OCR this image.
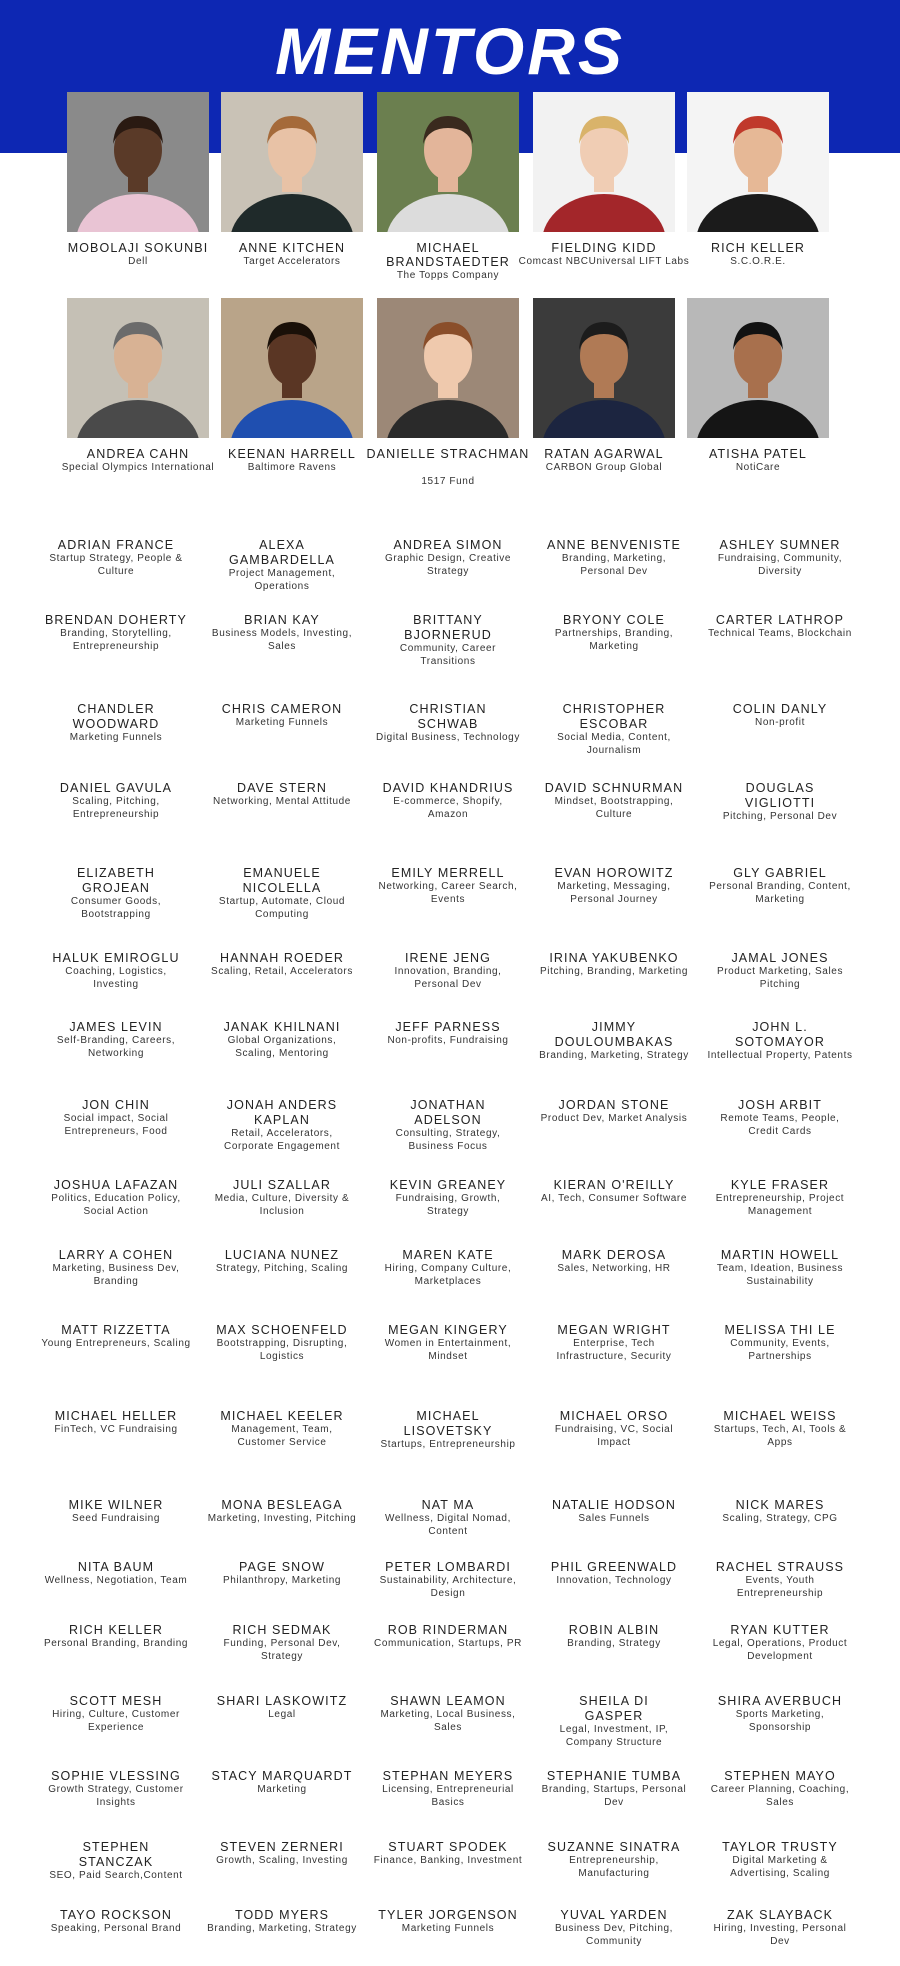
MENTORS
MOBOLAJI SOKUNBI
Dell
ANNE KITCHEN
Target Accelerators
MICHAEL BRANDSTAEDTER
The Topps Company
FIELDING KIDD
Comcast NBCUniversal LIFT Labs
RICH KELLER
S.C.O.R.E.
ANDREA CAHN
Special Olympics International
KEENAN HARRELL
Baltimore Ravens
DANIELLE STRACHMAN
1517 Fund
RATAN AGARWAL
CARBON Group Global
ATISHA PATEL
NotiCare
ADRIAN FRANCE
Startup Strategy, People & Culture
ALEXA GAMBARDELLA
Project Management, Operations
ANDREA SIMON
Graphic Design, Creative Strategy
ANNE BENVENISTE
Branding, Marketing, Personal Dev
ASHLEY SUMNER
Fundraising, Community, Diversity
BRENDAN DOHERTY
Branding, Storytelling, Entrepreneurship
BRIAN KAY
Business Models, Investing, Sales
BRITTANY BJORNERUD
Community, Career Transitions
BRYONY COLE
Partnerships, Branding, Marketing
CARTER LATHROP
Technical Teams, Blockchain
CHANDLER WOODWARD
Marketing Funnels
CHRIS CAMERON
Marketing Funnels
CHRISTIAN SCHWAB
Digital Business, Technology
CHRISTOPHER ESCOBAR
Social Media, Content, Journalism
COLIN DANLY
Non-profit
DANIEL GAVULA
Scaling, Pitching, Entrepreneurship
DAVE STERN
Networking, Mental Attitude
DAVID KHANDRIUS
E-commerce, Shopify, Amazon
DAVID SCHNURMAN
Mindset, Bootstrapping, Culture
DOUGLAS VIGLIOTTI
Pitching, Personal Dev
ELIZABETH GROJEAN
Consumer Goods, Bootstrapping
EMANUELE NICOLELLA
Startup, Automate, Cloud Computing
EMILY MERRELL
Networking, Career Search, Events
EVAN HOROWITZ
Marketing, Messaging, Personal Journey
GLY GABRIEL
Personal Branding, Content, Marketing
HALUK EMIROGLU
Coaching, Logistics, Investing
HANNAH ROEDER
Scaling, Retail, Accelerators
IRENE JENG
Innovation, Branding, Personal Dev
IRINA YAKUBENKO
Pitching, Branding, Marketing
JAMAL JONES
Product Marketing, Sales Pitching
JAMES LEVIN
Self-Branding, Careers, Networking
JANAK KHILNANI
Global Organizations, Scaling, Mentoring
JEFF PARNESS
Non-profits, Fundraising
JIMMY DOULOUMBAKAS
Branding, Marketing, Strategy
JOHN L. SOTOMAYOR
Intellectual Property, Patents
JON CHIN
Social impact, Social Entrepreneurs, Food
JONAH ANDERS KAPLAN
Retail, Accelerators, Corporate Engagement
JONATHAN ADELSON
Consulting, Strategy, Business Focus
JORDAN STONE
Product Dev, Market Analysis
JOSH ARBIT
Remote Teams, People, Credit Cards
JOSHUA LAFAZAN
Politics, Education Policy, Social Action
JULI SZALLAR
Media, Culture, Diversity & Inclusion
KEVIN GREANEY
Fundraising, Growth, Strategy
KIERAN O'REILLY
AI, Tech, Consumer Software
KYLE FRASER
Entrepreneurship, Project Management
LARRY A COHEN
Marketing, Business Dev, Branding
LUCIANA NUNEZ
Strategy, Pitching, Scaling
MAREN KATE
Hiring, Company Culture, Marketplaces
MARK DEROSA
Sales, Networking, HR
MARTIN HOWELL
Team, Ideation, Business Sustainability
MATT RIZZETTA
Young Entrepreneurs, Scaling
MAX SCHOENFELD
Bootstrapping, Disrupting, Logistics
MEGAN KINGERY
Women in Entertainment, Mindset
MEGAN WRIGHT
Enterprise, Tech Infrastructure, Security
MELISSA THI LE
Community, Events, Partnerships
MICHAEL HELLER
FinTech, VC Fundraising
MICHAEL KEELER
Management, Team, Customer Service
MICHAEL LISOVETSKY
Startups, Entrepreneurship
MICHAEL ORSO
Fundraising, VC, Social Impact
MICHAEL WEISS
Startups, Tech, AI, Tools & Apps
MIKE WILNER
Seed Fundraising
MONA BESLEAGA
Marketing, Investing, Pitching
NAT MA
Wellness, Digital Nomad, Content
NATALIE HODSON
Sales Funnels
NICK MARES
Scaling, Strategy, CPG
NITA BAUM
Wellness, Negotiation, Team
PAGE SNOW
Philanthropy, Marketing
PETER LOMBARDI
Sustainability, Architecture, Design
PHIL GREENWALD
Innovation, Technology
RACHEL STRAUSS
Events, Youth Entrepreneurship
RICH KELLER
Personal Branding, Branding
RICH SEDMAK
Funding, Personal Dev, Strategy
ROB RINDERMAN
Communication, Startups, PR
ROBIN ALBIN
Branding, Strategy
RYAN KUTTER
Legal, Operations, Product Development
SCOTT MESH
Hiring, Culture, Customer Experience
SHARI LASKOWITZ
Legal
SHAWN LEAMON
Marketing, Local Business, Sales
SHEILA DI GASPER
Legal, Investment, IP, Company Structure
SHIRA AVERBUCH
Sports Marketing, Sponsorship
SOPHIE VLESSING
Growth Strategy, Customer Insights
STACY MARQUARDT
Marketing
STEPHAN MEYERS
Licensing, Entrepreneurial Basics
STEPHANIE TUMBA
Branding, Startups, Personal Dev
STEPHEN MAYO
Career Planning, Coaching, Sales
STEPHEN STANCZAK
SEO, Paid Search,Content
STEVEN ZERNERI
Growth, Scaling, Investing
STUART SPODEK
Finance, Banking, Investment
SUZANNE SINATRA
Entrepreneurship, Manufacturing
TAYLOR TRUSTY
Digital Marketing & Advertising, Scaling
TAYO ROCKSON
Speaking, Personal Brand
TODD MYERS
Branding, Marketing, Strategy
TYLER JORGENSON
Marketing Funnels
YUVAL YARDEN
Business Dev, Pitching, Community
ZAK SLAYBACK
Hiring, Investing, Personal Dev
